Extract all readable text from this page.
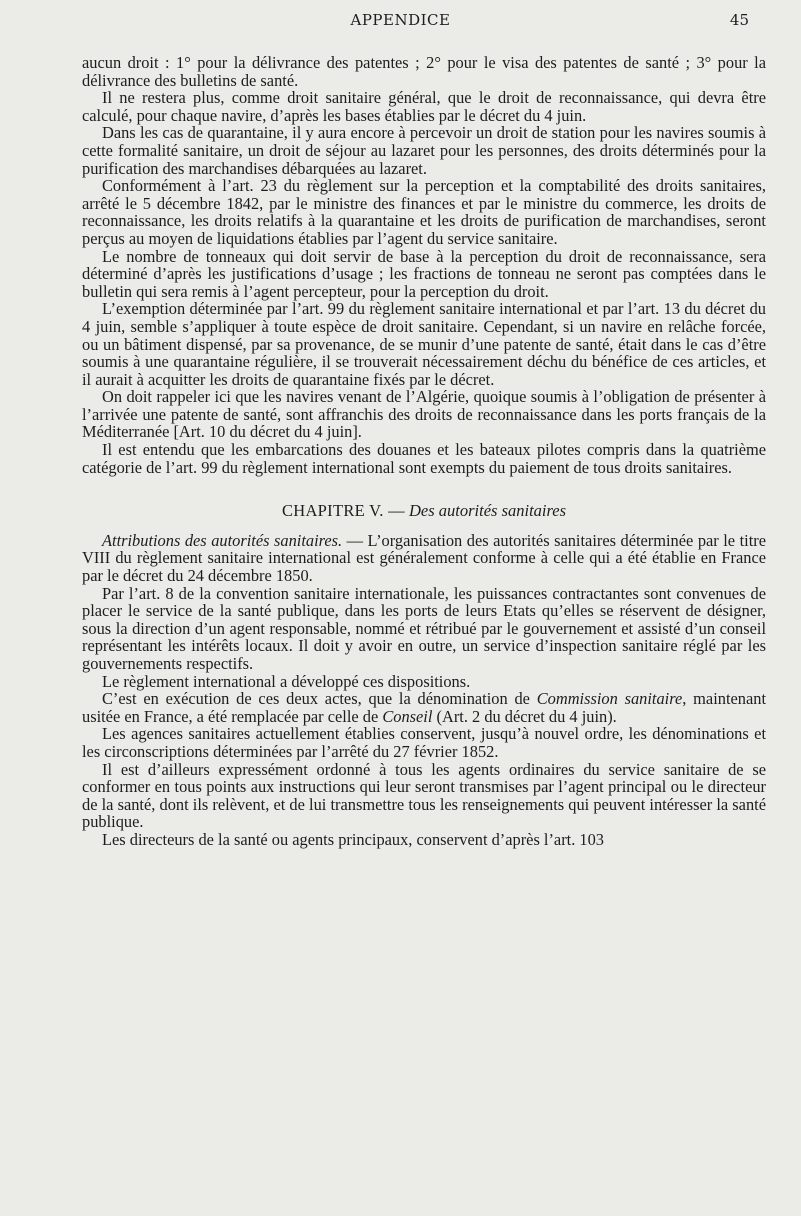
APPENDICE	45

aucun droit : 1° pour la délivrance des patentes ; 2° pour le visa des patentes de santé ; 3° pour la délivrance des bulletins de santé.

Il ne restera plus, comme droit sanitaire général, que le droit de reconnaissance, qui devra être calculé, pour chaque navire, d’après les bases établies par le décret du 4 juin.

Dans les cas de quarantaine, il y aura encore à percevoir un droit de station pour les navires soumis à cette formalité sanitaire, un droit de séjour au lazaret pour les personnes, des droits déterminés pour la purification des marchandises débarquées au lazaret.

Conformément à l’art. 23 du règlement sur la perception et la comptabilité des droits sanitaires, arrêté le 5 décembre 1842, par le ministre des finances et par le ministre du commerce, les droits de reconnaissance, les droits relatifs à la quarantaine et les droits de purification de marchandises, seront perçus au moyen de liquidations établies par l’agent du service sanitaire.

Le nombre de tonneaux qui doit servir de base à la perception du droit de reconnaissance, sera déterminé d’après les justifications d’usage ; les fractions de tonneau ne seront pas comptées dans le bulletin qui sera remis à l’agent percepteur, pour la perception du droit.

L’exemption déterminée par l’art. 99 du règlement sanitaire international et par l’art. 13 du décret du 4 juin, semble s’appliquer à toute espèce de droit sanitaire. Cependant, si un navire en relâche forcée, ou un bâtiment dispensé, par sa provenance, de se munir d’une patente de santé, était dans le cas d’être soumis à une quarantaine régulière, il se trouverait nécessairement déchu du bénéfice de ces articles, et il aurait à acquitter les droits de quarantaine fixés par le décret.

On doit rappeler ici que les navires venant de l’Algérie, quoique soumis à l’obligation de présenter à l’arrivée une patente de santé, sont affranchis des droits de reconnaissance dans les ports français de la Méditerranée [Art. 10 du décret du 4 juin].

Il est entendu que les embarcations des douanes et les bateaux pilotes compris dans la quatrième catégorie de l’art. 99 du règlement international sont exempts du paiement de tous droits sanitaires.

CHAPITRE V. — Des autorités sanitaires

Attributions des autorités sanitaires. — L’organisation des autorités sanitaires déterminée par le titre VIII du règlement sanitaire international est généralement conforme à celle qui a été établie en France par le décret du 24 décembre 1850.

Par l’art. 8 de la convention sanitaire internationale, les puissances contractantes sont convenues de placer le service de la santé publique, dans les ports de leurs Etats qu’elles se réservent de désigner, sous la direction d’un agent responsable, nommé et rétribué par le gouvernement et assisté d’un conseil représentant les intérêts locaux. Il doit y avoir en outre, un service d’inspection sanitaire réglé par les gouvernements respectifs.

Le règlement international a développé ces dispositions.

C’est en exécution de ces deux actes, que la dénomination de Commission sanitaire, maintenant usitée en France, a été remplacée par celle de Conseil (Art. 2 du décret du 4 juin).

Les agences sanitaires actuellement établies conservent, jusqu’à nouvel ordre, les dénominations et les circonscriptions déterminées par l’arrêté du 27 février 1852.

Il est d’ailleurs expressément ordonné à tous les agents ordinaires du service sanitaire de se conformer en tous points aux instructions qui leur seront transmises par l’agent principal ou le directeur de la santé, dont ils relèvent, et de lui transmettre tous les renseignements qui peuvent intéresser la santé publique.

Les directeurs de la santé ou agents principaux, conservent d’après l’art. 103
